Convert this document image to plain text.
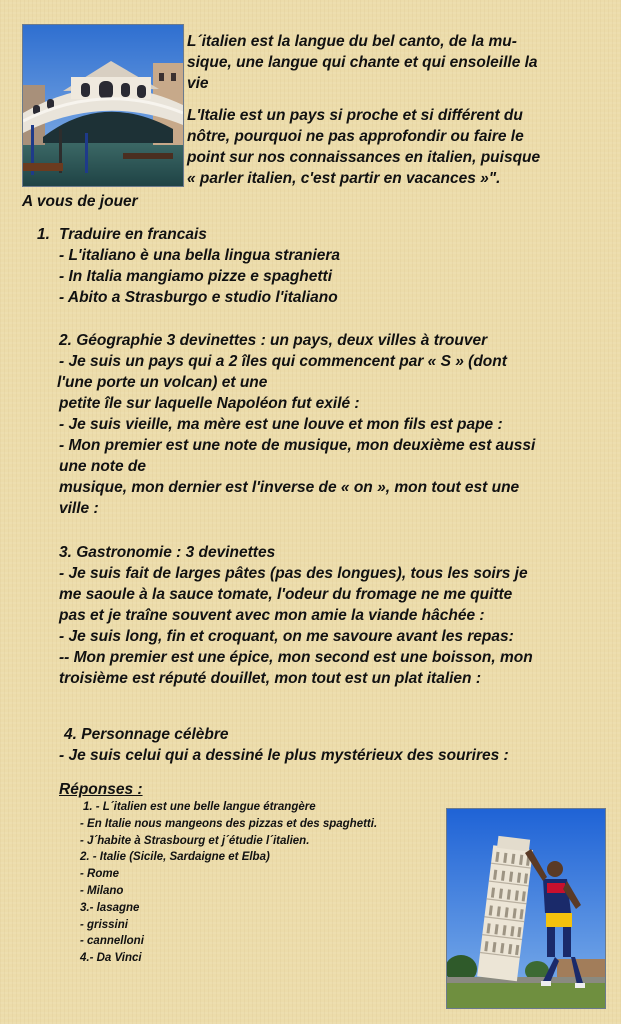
L´italien est la langue du bel canto, de la mu-
sique, une langue qui chante et qui ensoleille la
vie
L'Italie est un pays si proche et si différent du
nôtre, pourquoi ne pas approfondir ou faire le
point sur nos connaissances en italien, puisque
« parler italien, c'est partir en vacances »".
A vous de jouer
1. Traduire en francais
- L'italiano è una bella lingua straniera
- In Italia mangiamo pizze e spaghetti
- Abito a Strasburgo e studio l'italiano
2. Géographie 3 devinettes : un pays, deux villes à trouver
- Je suis un pays qui a 2 îles qui commencent par « S » (dont
l'une porte un volcan) et une
petite île sur laquelle Napoléon fut exilé :
- Je suis vieille, ma mère est une louve et mon fils est pape :
- Mon premier est une note de musique, mon deuxième est aussi
une note de
musique, mon dernier est l'inverse de « on », mon tout est une
ville :
3. Gastronomie : 3 devinettes
- Je suis fait de larges pâtes (pas des longues), tous les soirs je
me saoule à la sauce tomate, l'odeur du fromage ne me quitte
pas et je traîne souvent avec mon amie la viande hâchée :
- Je suis long, fin et croquant, on me savoure avant les repas:
-- Mon premier est une épice, mon second est une boisson, mon
troisième est réputé douillet, mon tout est un plat italien :
4. Personnage célèbre
- Je suis celui qui a dessiné le plus mystérieux des sourires :
Réponses :
1. - L´italien est une belle langue étrangère
- En Italie nous mangeons des pizzas et des spaghetti.
- J´habite à Strasbourg et j´étudie l´italien.
2. - Italie (Sicile, Sardaigne et Elba)
- Rome
- Milano
3.- lasagne
- grissini
- cannelloni
4.- Da Vinci
